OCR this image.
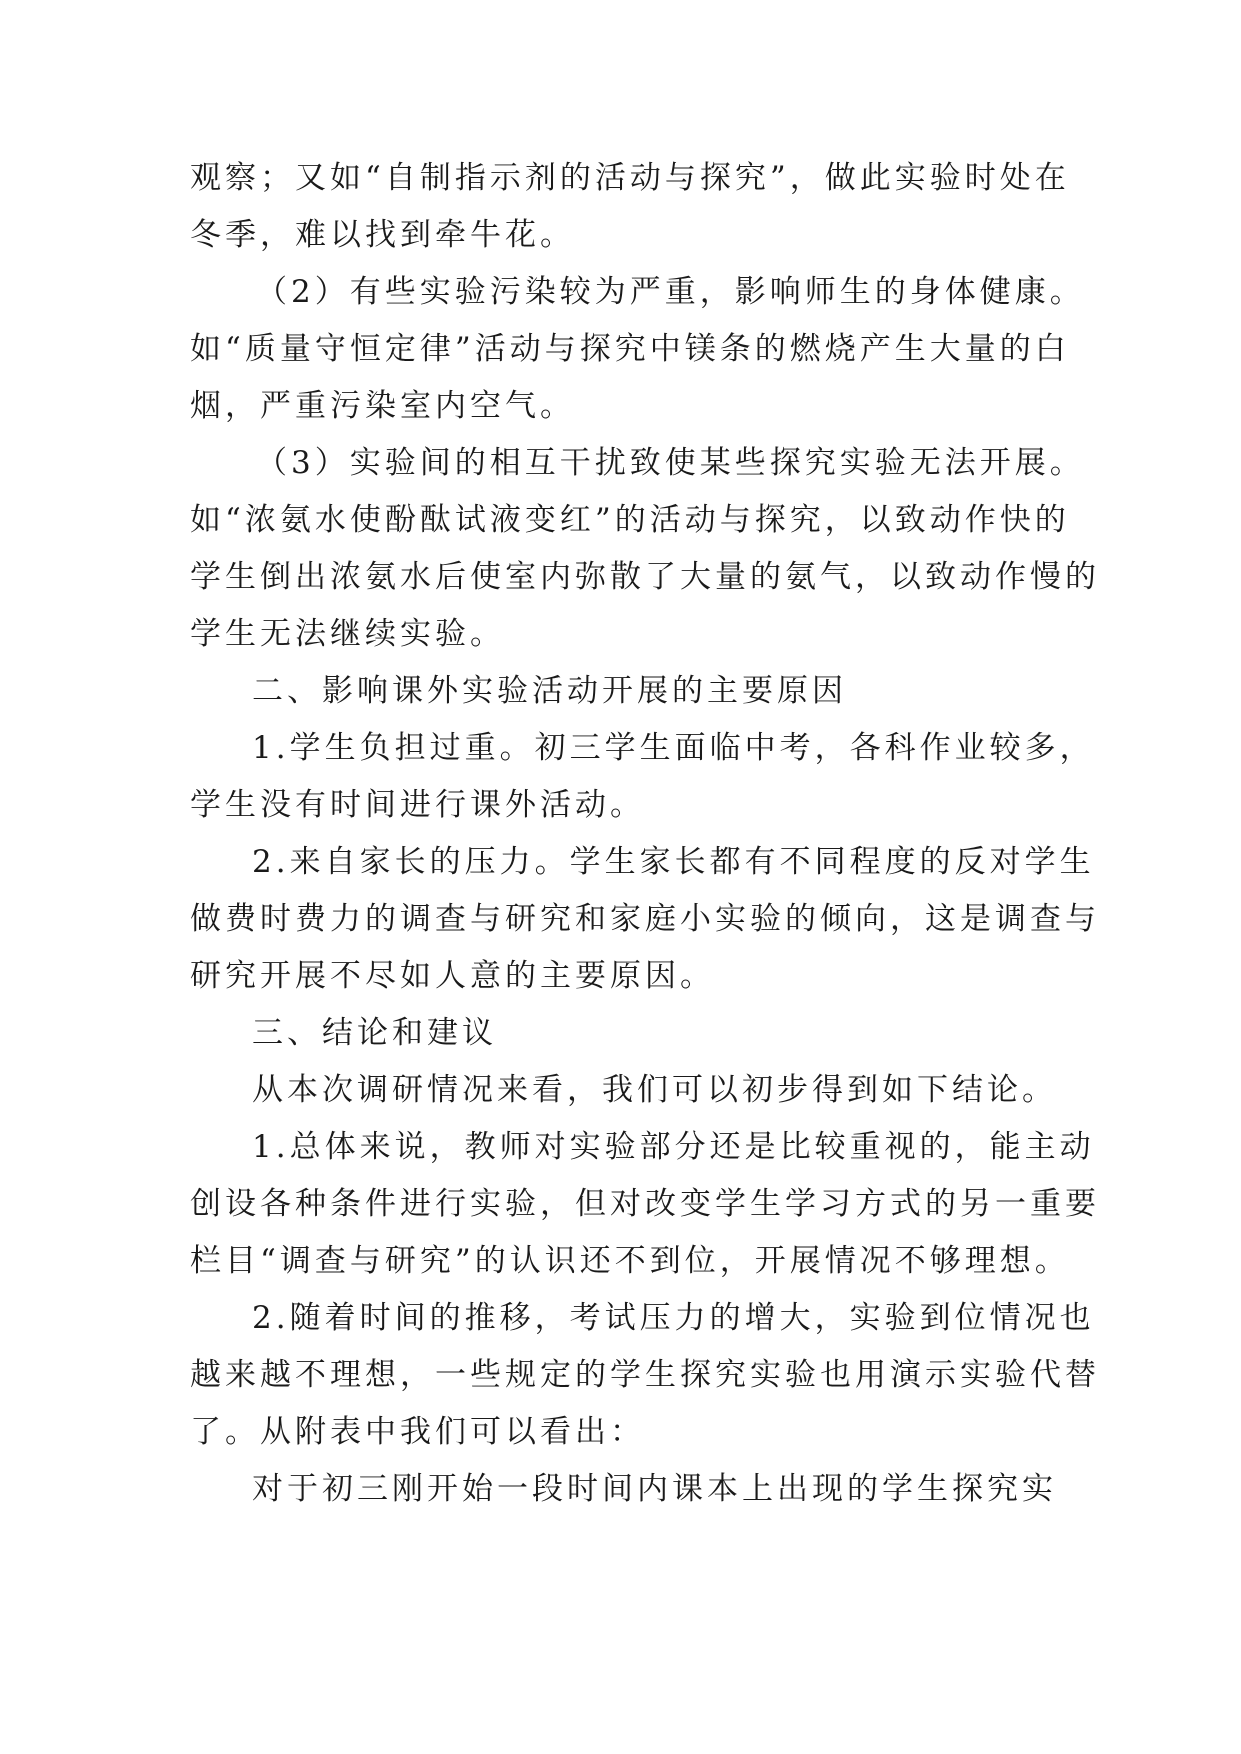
观察；又如“自制指示剂的活动与探究”，做此实验时处在
冬季，难以找到牵牛花。
（2）有些实验污染较为严重，影响师生的身体健康。
如“质量守恒定律”活动与探究中镁条的燃烧产生大量的白
烟，严重污染室内空气。
（3）实验间的相互干扰致使某些探究实验无法开展。
如“浓氨水使酚酞试液变红”的活动与探究，以致动作快的
学生倒出浓氨水后使室内弥散了大量的氨气，以致动作慢的
学生无法继续实验。
二、影响课外实验活动开展的主要原因
1.学生负担过重。初三学生面临中考，各科作业较多，
学生没有时间进行课外活动。
2.来自家长的压力。学生家长都有不同程度的反对学生
做费时费力的调查与研究和家庭小实验的倾向，这是调查与
研究开展不尽如人意的主要原因。
三、结论和建议
从本次调研情况来看，我们可以初步得到如下结论。
1.总体来说，教师对实验部分还是比较重视的，能主动
创设各种条件进行实验，但对改变学生学习方式的另一重要
栏目“调查与研究”的认识还不到位，开展情况不够理想。
2.随着时间的推移，考试压力的增大，实验到位情况也
越来越不理想，一些规定的学生探究实验也用演示实验代替
了。从附表中我们可以看出：
对于初三刚开始一段时间内课本上出现的学生探究实
